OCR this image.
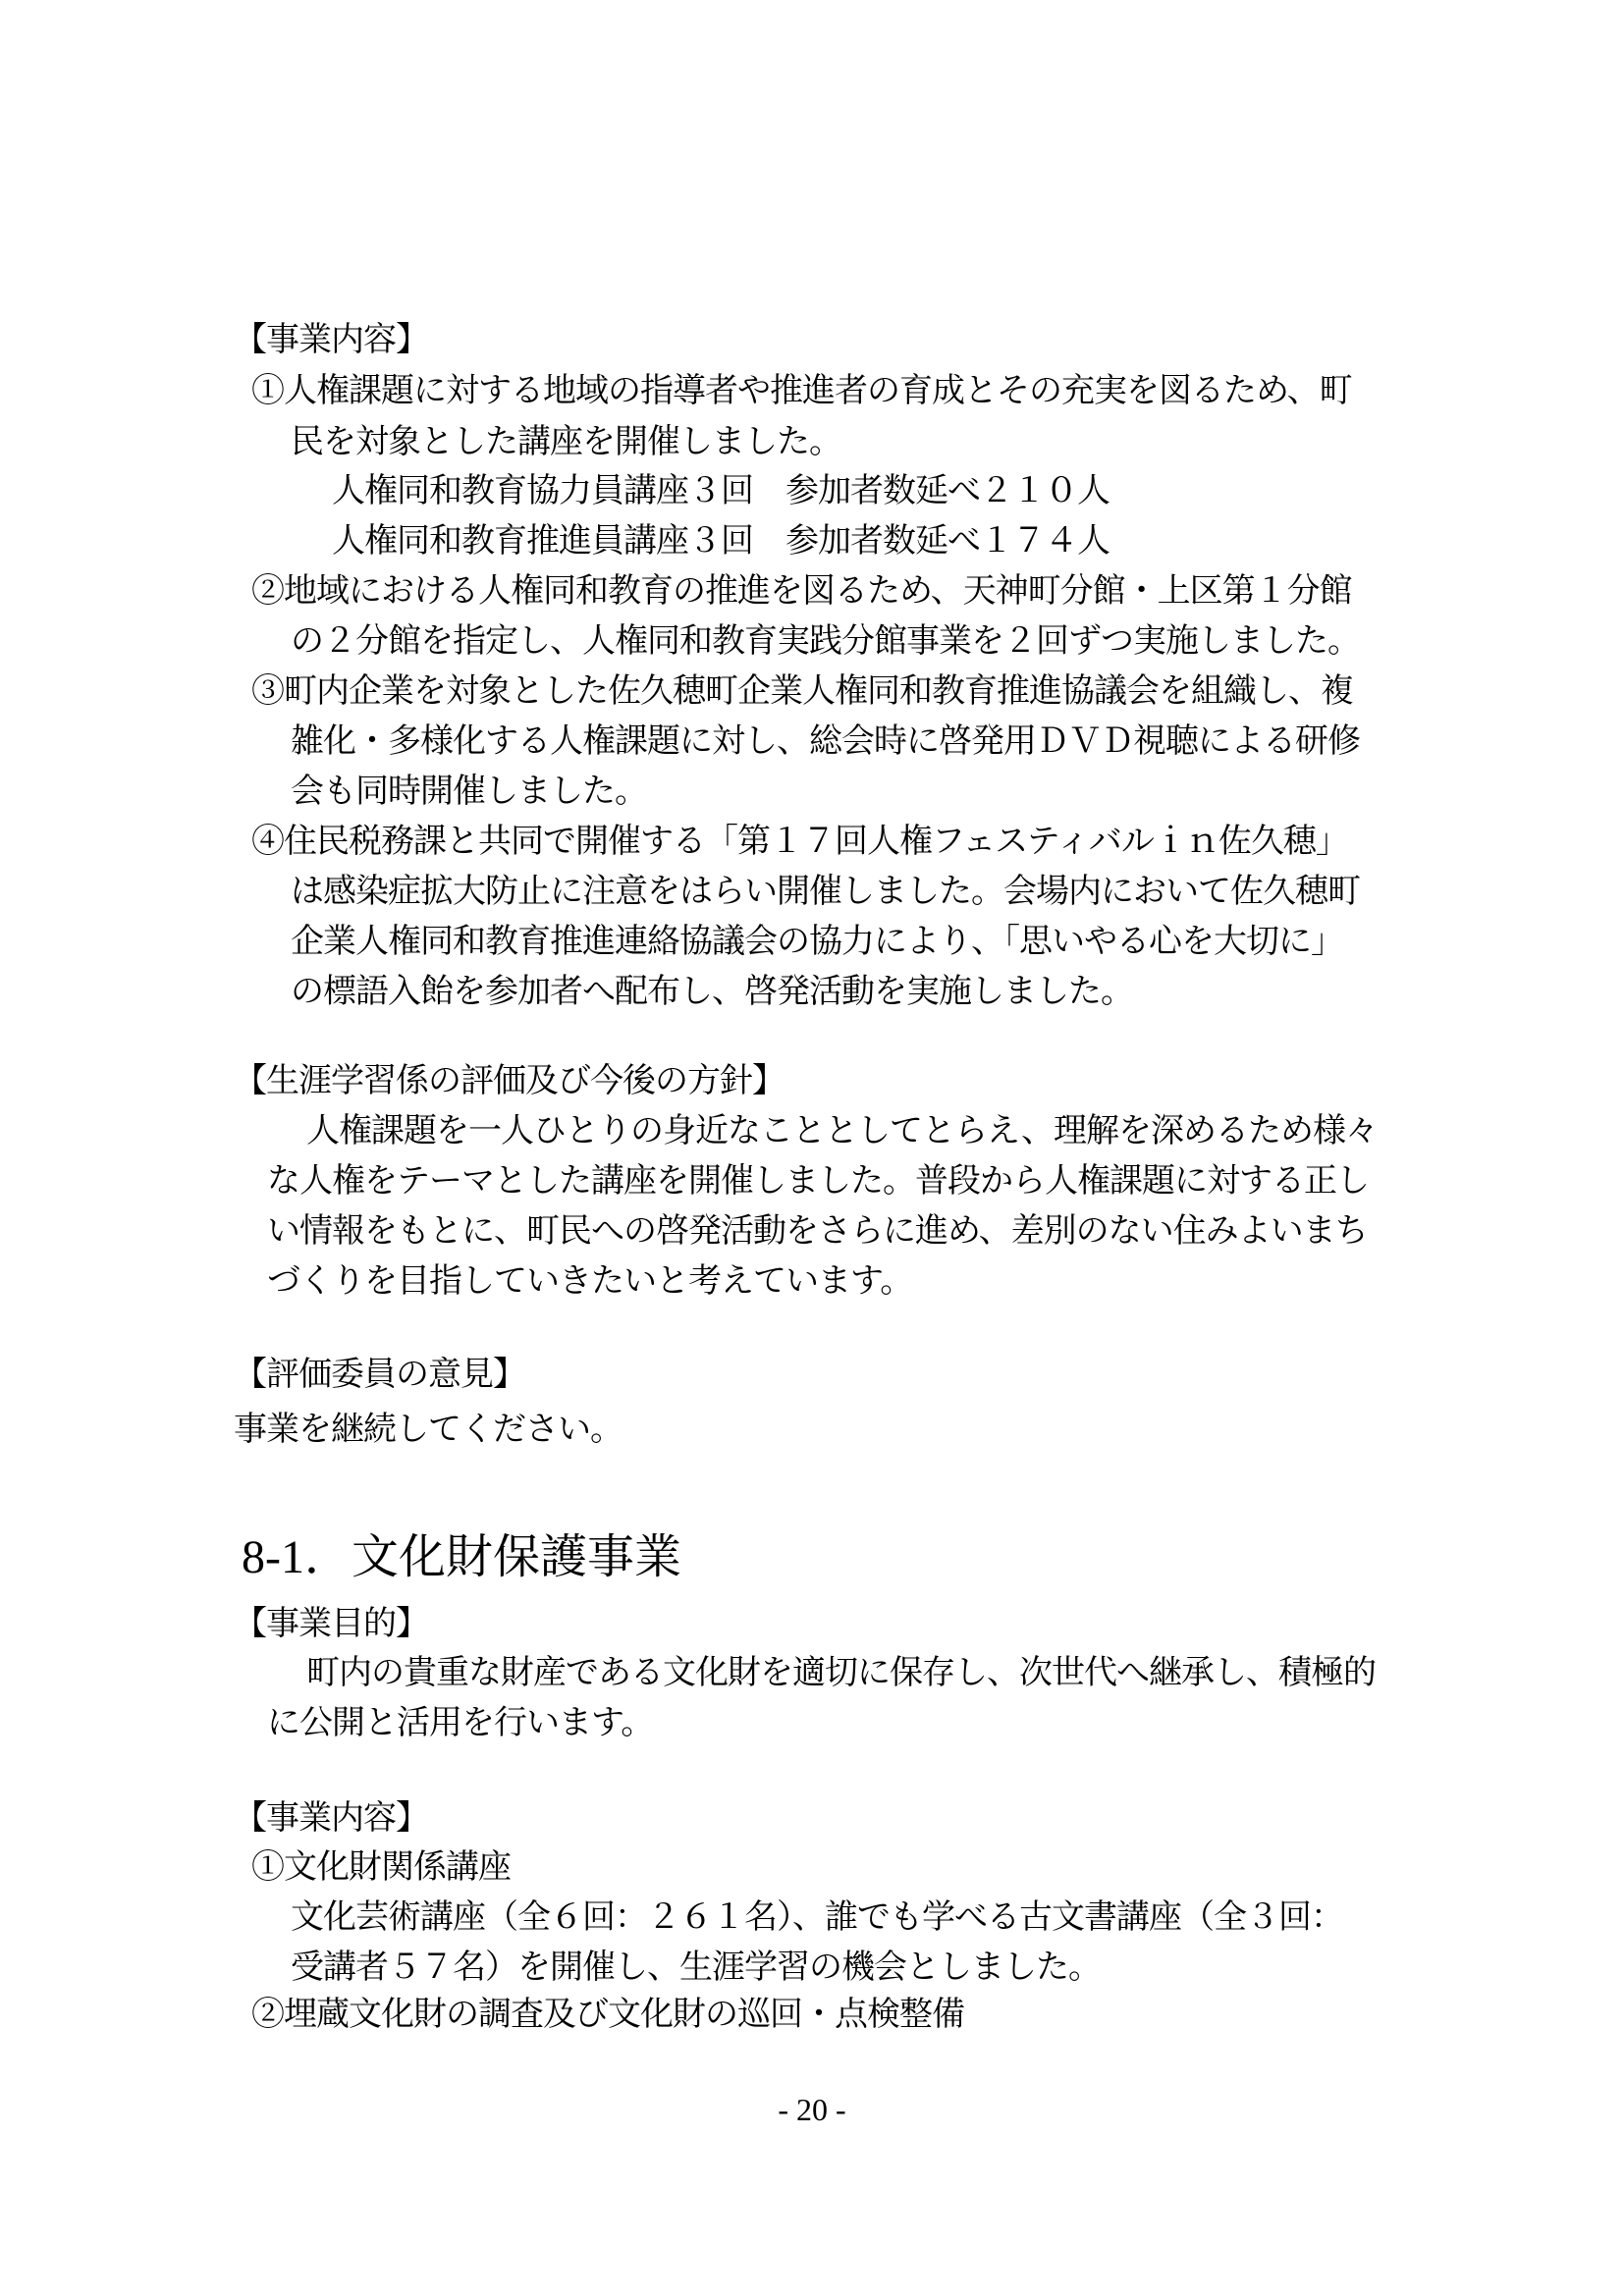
- 20 -
【事業内容】
①人権課題に対する地域の指導者や推進者の育成とその充実を図るため、町
民を対象とした講座を開催しました。
人権同和教育協力員講座３回　参加者数延べ２１０人
人権同和教育推進員講座３回　参加者数延べ１７４人
②地域における人権同和教育の推進を図るため、天神町分館・上区第１分館
の２分館を指定し、人権同和教育実践分館事業を２回ずつ実施しました。
③町内企業を対象とした佐久穂町企業人権同和教育推進協議会を組織し、複
雑化・多様化する人権課題に対し、総会時に啓発用ＤＶＤ視聴による研修
会も同時開催しました。
④住民税務課と共同で開催する「第１７回人権フェスティバルｉｎ佐久穂」
は感染症拡大防止に注意をはらい開催しました。会場内において佐久穂町
企業人権同和教育推進連絡協議会の協力により、「思いやる心を大切に」
の標語入飴を参加者へ配布し、啓発活動を実施しました。
【生涯学習係の評価及び今後の方針】
人権課題を一人ひとりの身近なこととしてとらえ、理解を深めるため様々
な人権をテーマとした講座を開催しました。普段から人権課題に対する正し
い情報をもとに、町民への啓発活動をさらに進め、差別のない住みよいまち
づくりを目指していきたいと考えています。
【評価委員の意見】
事業を継続してください。
8-1．文化財保護事業
【事業目的】
町内の貴重な財産である文化財を適切に保存し、次世代へ継承し、積極的
に公開と活用を行います。
【事業内容】
①文化財関係講座
文化芸術講座（全６回：２６１名）、誰でも学べる古文書講座（全３回：
受講者５７名）を開催し、生涯学習の機会としました。
②埋蔵文化財の調査及び文化財の巡回・点検整備
